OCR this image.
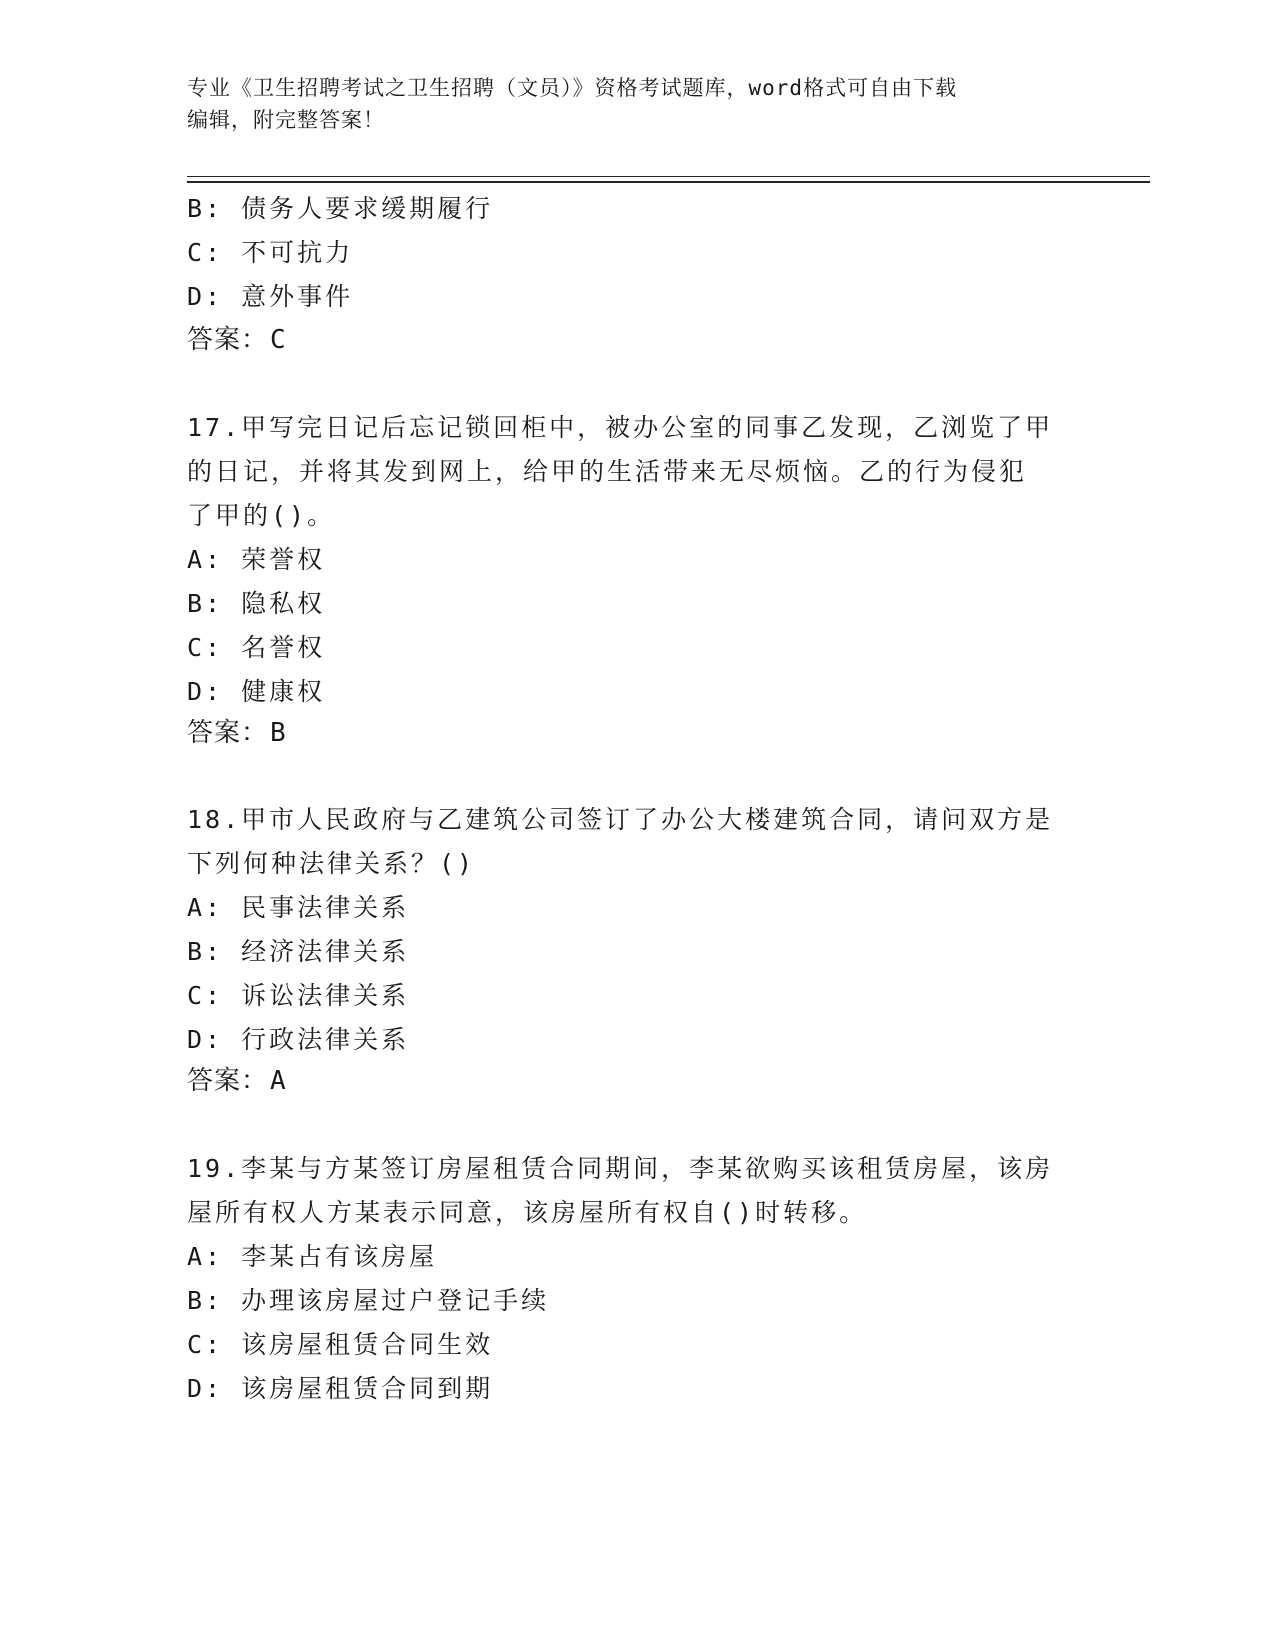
专业《卫生招聘考试之卫生招聘（文员）》资格考试题库，word格式可自由下载
编辑，附完整答案！
B: 债务人要求缓期履行
C: 不可抗力
D: 意外事件
答案：C
17.甲写完日记后忘记锁回柜中，被办公室的同事乙发现，乙浏览了甲
的日记，并将其发到网上，给甲的生活带来无尽烦恼。乙的行为侵犯
了甲的()。
A: 荣誉权
B: 隐私权
C: 名誉权
D: 健康权
答案：B
18.甲市人民政府与乙建筑公司签订了办公大楼建筑合同，请问双方是
下列何种法律关系？()
A: 民事法律关系
B: 经济法律关系
C: 诉讼法律关系
D: 行政法律关系
答案：A
19.李某与方某签订房屋租赁合同期间，李某欲购买该租赁房屋，该房
屋所有权人方某表示同意，该房屋所有权自()时转移。
A: 李某占有该房屋
B: 办理该房屋过户登记手续
C: 该房屋租赁合同生效
D: 该房屋租赁合同到期
